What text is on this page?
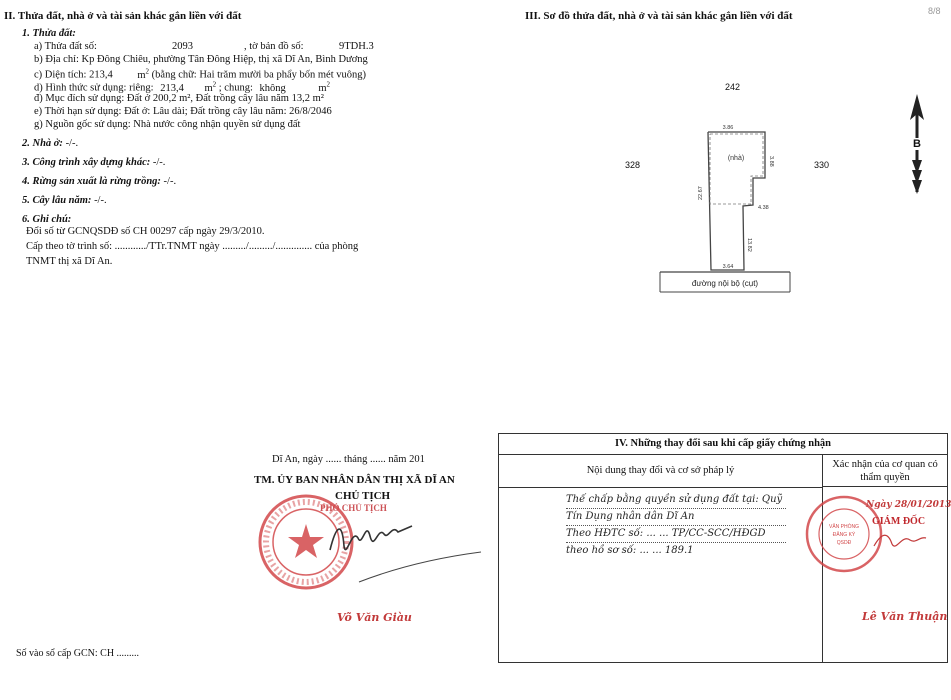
II. Thửa đất, nhà ở và tài sản khác gắn liền với đất
1. Thửa đất:
a) Thửa đất số:	2093	, tờ bản đồ số:	9TDH.3
b) Địa chỉ: Kp Đông Chiêu, phường Tân Đông Hiệp, thị xã Dĩ An, Bình Dương
c) Diện tích: 213,4 $m^2$ (bằng chữ: Hai trăm mười ba phẩy bốn mét vuông)
d) Hình thức sử dụng: riêng: 213,4 $m^2$ ; chung: không	$m^2$
đ) Mục đích sử dụng: Đất ở 200,2 m², Đất trồng cây lâu năm 13,2 m²
e) Thời hạn sử dụng: Đất ở: Lâu dài; Đất trồng cây lâu năm: 26/8/2046
g) Nguồn gốc sử dụng: Nhà nước công nhận quyền sử dụng đất
2. Nhà ở: -/-.
3. Công trình xây dựng khác: -/-.
4. Rừng sản xuất là rừng trồng: -/-.
5. Cây lâu năm: -/-.
6. Ghi chú:
Đổi số từ GCNQSDĐ số CH 00297 cấp ngày 29/3/2010.
Cấp theo tờ trình số: ............/TTr.TNMT ngày ........./........./.............. của phòng
TNMT thị xã Dĩ An.
Dĩ An, ngày ...... tháng ...... năm 201
TM. ỦY BAN NHÂN DÂN THỊ XÃ DĨ AN
CHỦ TỊCH
PHÓ CHỦ TỊCH
Võ Văn Giàu
Số vào sổ cấp GCN: CH .........
III. Sơ đồ thửa đất, nhà ở và tài sản khác gắn liền với đất	8/8
242
328	330
3.86
3.88
4.38
13.82
22.67
3.64
(nhà)
đường nội bộ (cụt)
B
IV. Những thay đổi sau khi cấp giấy chứng nhận
Nội dung thay đổi và cơ sở pháp lý
Xác nhận của cơ quan có thẩm quyền
Thế chấp bằng quyền sử dụng đất tại: Quỹ
Tín Dụng nhân dân Dĩ An
Theo HĐTC số: ... ... TP/CC-SCC/HĐGD
theo hồ sơ số: ... ... 189.1
VĂN PHÒNG
ĐĂNG KÝ
QSDĐ
Ngày 28/01/2013
GIÁM ĐỐC
Lê Văn Thuận
